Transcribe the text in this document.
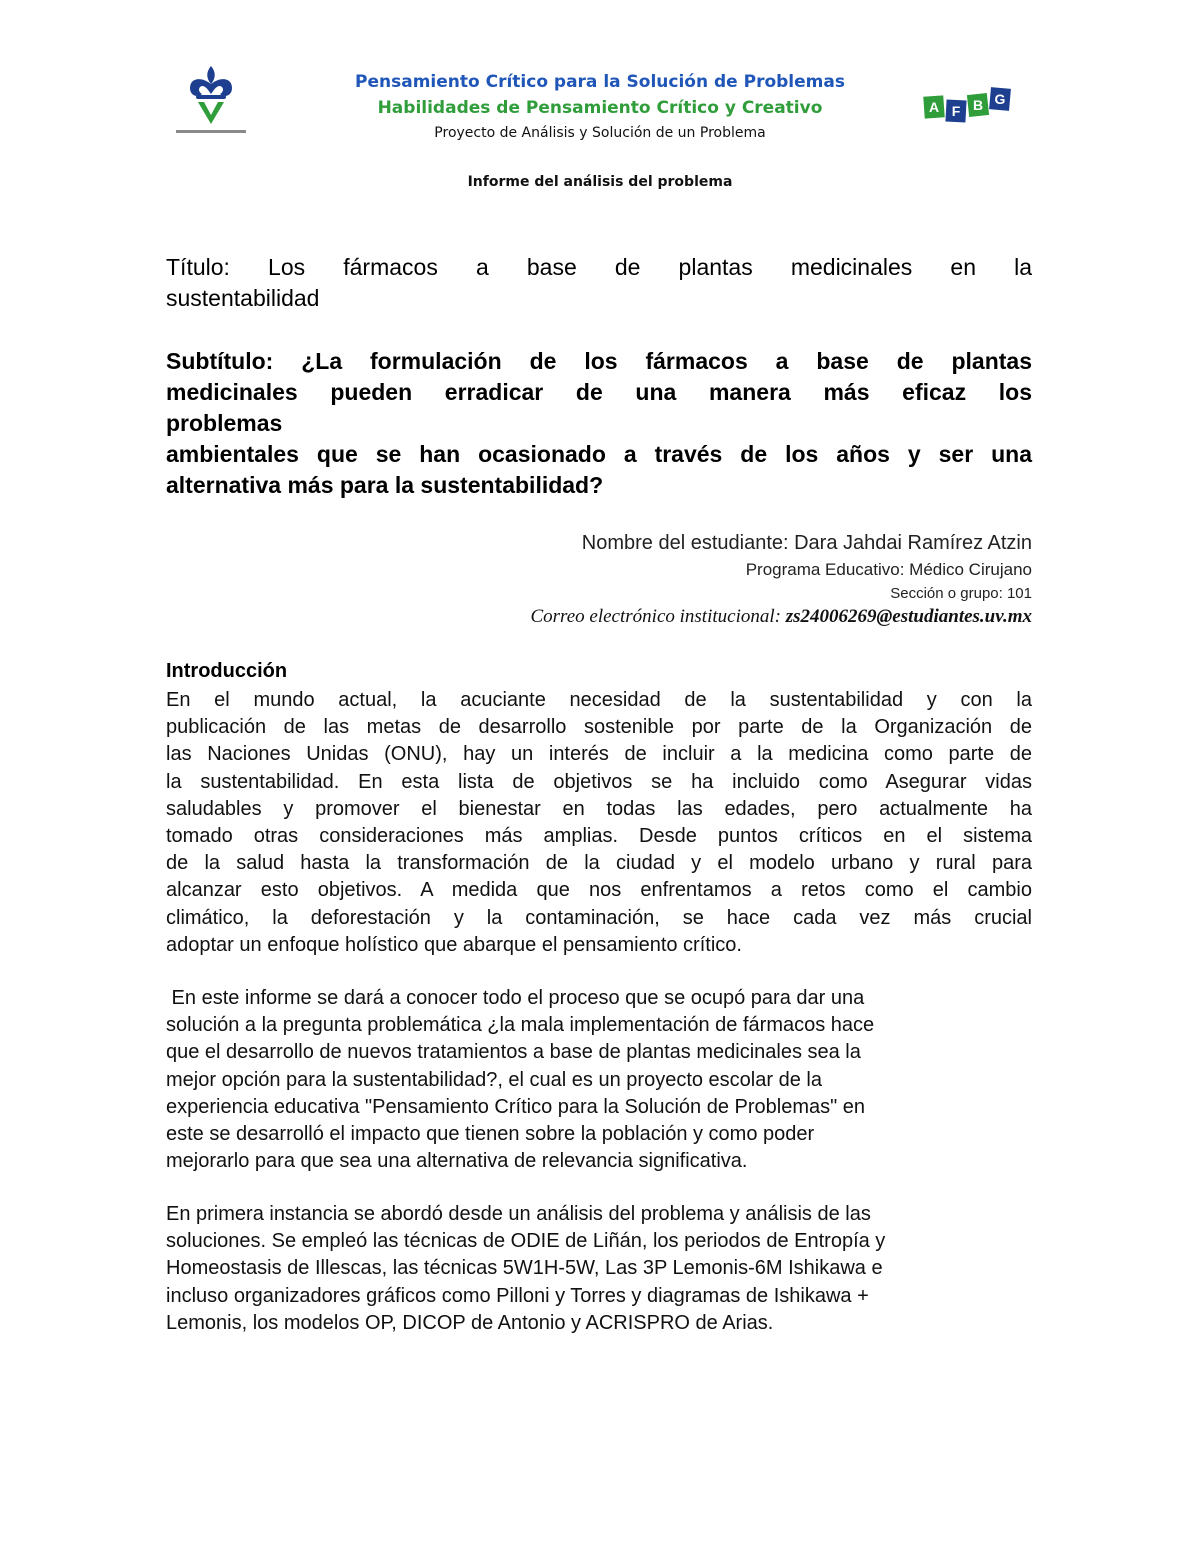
Pensamiento Crítico para la Solución de Problemas
Habilidades de Pensamiento Crítico y Creativo
Proyecto de Análisis y Solución de un Problema
Informe del análisis del problema
A F B G

Título: Los fármacos a base de plantas medicinales en la

sustentabilidad

Subtítulo: ¿La formulación de los fármacos a base de plantas

medicinales pueden erradicar de una manera más eficaz los

problemas

ambientales que se han ocasionado a través de los años y ser una

alternativa más para la sustentabilidad?

Nombre del estudiante: Dara Jahdai Ramírez Atzin
Programa Educativo: Médico Cirujano
Sección o grupo: 101
Correo electrónico institucional: zs24006269@estudiantes.uv.mx
Introducción
En el mundo actual, la acuciante necesidad de la sustentabilidad y con la
publicación de las metas de desarrollo sostenible por parte de la Organización de
las Naciones Unidas (ONU), hay un interés de incluir a la medicina como parte de
la sustentabilidad. En esta lista de objetivos se ha incluido como Asegurar vidas
saludables y promover el bienestar en todas las edades, pero actualmente ha
tomado otras consideraciones más amplias. Desde puntos críticos en el sistema
de la salud hasta la transformación de la ciudad y el modelo urbano y rural para
alcanzar esto objetivos. A medida que nos enfrentamos a retos como el cambio
climático, la deforestación y la contaminación, se hace cada vez más crucial
adoptar un enfoque holístico que abarque el pensamiento crítico.
En este informe se dará a conocer todo el proceso que se ocupó para dar una
solución a la pregunta problemática ¿la mala implementación de fármacos hace
que el desarrollo de nuevos tratamientos a base de plantas medicinales sea la
mejor opción para la sustentabilidad?, el cual es un proyecto escolar de la
experiencia educativa "Pensamiento Crítico para la Solución de Problemas" en
este se desarrolló el impacto que tienen sobre la población y como poder
mejorarlo para que sea una alternativa de relevancia significativa.
En primera instancia se abordó desde un análisis del problema y análisis de las
soluciones. Se empleó las técnicas de ODIE de Liñán, los periodos de Entropía y
Homeostasis de Illescas, las técnicas 5W1H-5W, Las 3P Lemonis-6M Ishikawa e
incluso organizadores gráficos como Pilloni y Torres y diagramas de Ishikawa +
Lemonis, los modelos OP, DICOP de Antonio y ACRISPRO de Arias.
